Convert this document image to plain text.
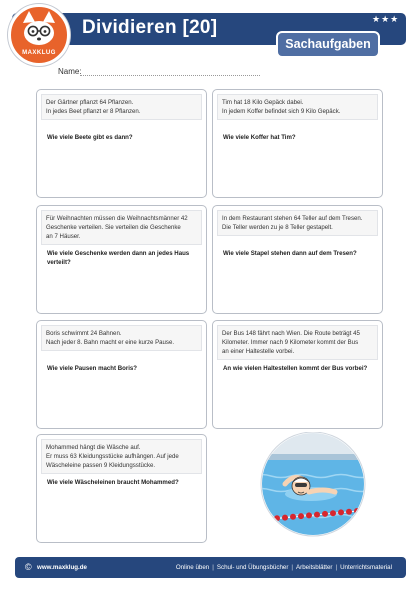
MAXKLUG
Dividieren [20]	★★★
Sachaufgaben
Name:
Der Gärtner pflanzt 64 Pflanzen.
In jedes Beet pflanzt er 8 Pflanzen.
Wie viele Beete gibt es dann?
Tim hat 18 Kilo Gepäck dabei.
In jedem Koffer befindet sich 9 Kilo Gepäck.
Wie viele Koffer hat Tim?
Für Weihnachten müssen die Weihnachtsmänner 42
Geschenke verteilen. Sie verteilen die Geschenke
an 7 Häuser.
Wie viele Geschenke werden dann an jedes Haus
verteilt?
In dem Restaurant stehen 64 Teller auf dem Tresen.
Die Teller werden zu je 8 Teller gestapelt.
Wie viele Stapel stehen dann auf dem Tresen?
Boris schwimmt 24 Bahnen.
Nach jeder 8. Bahn macht er eine kurze Pause.
Wie viele Pausen macht Boris?
Der Bus 148 fährt nach Wien. Die Route beträgt 45
Kilometer. Immer nach 9 Kilometer kommt der Bus
an einer Haltestelle vorbei.
An wie vielen Haltestellen kommt der Bus vorbei?
Mohammed hängt die Wäsche auf.
Er muss 63 Kleidungsstücke aufhängen. Auf jede
Wäscheleine passen 9 Kleidungsstücke.
Wie viele Wäscheleinen braucht Mohammed?
© www.maxklug.de	Online üben | Schul- und Übungsbücher | Arbeitsblätter | Unterrichtsmaterial
